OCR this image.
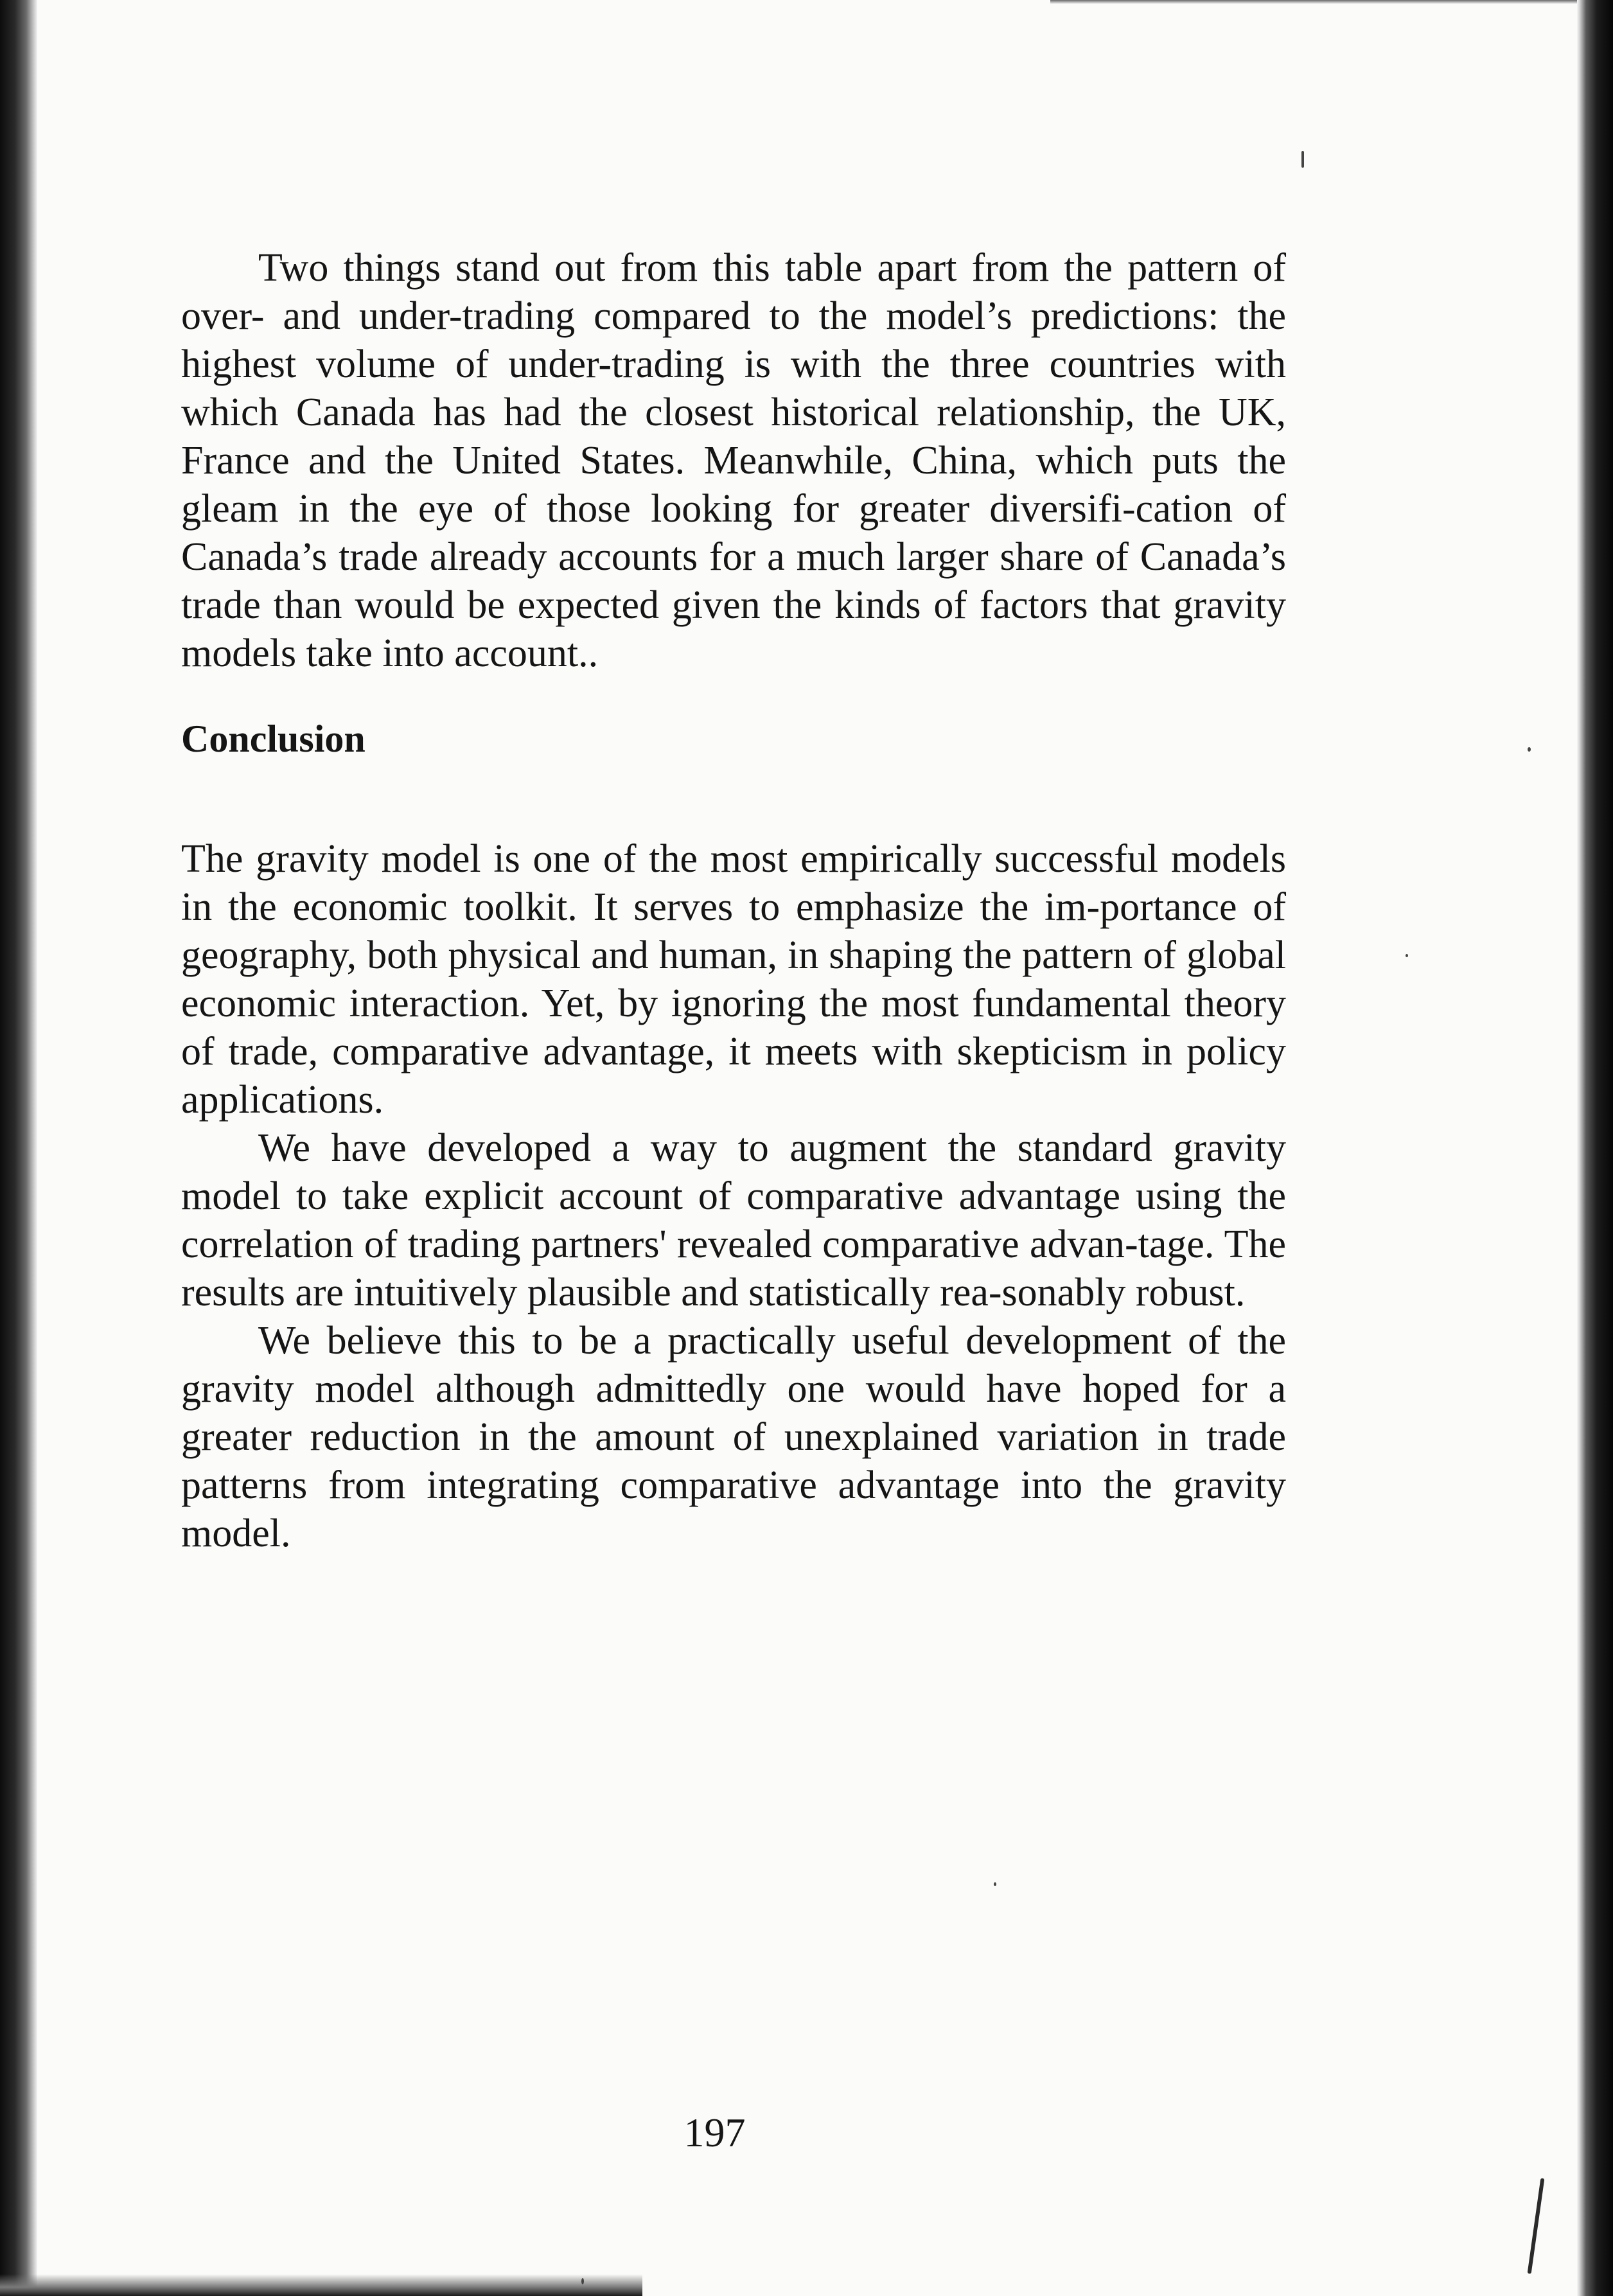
Two things stand out from this table apart from the pattern of over- and under-trading compared to the model’s predictions: the highest volume of under-trading is with the three countries with which Canada has had the closest historical relationship, the UK, France and the United States. Meanwhile, China, which puts the gleam in the eye of those looking for greater diversifi-cation of Canada’s trade already accounts for a much larger share of Canada’s trade than would be expected given the kinds of factors that gravity models take into account..

Conclusion

The gravity model is one of the most empirically successful models in the economic toolkit. It serves to emphasize the im-portance of geography, both physical and human, in shaping the pattern of global economic interaction. Yet, by ignoring the most fundamental theory of trade, comparative advantage, it meets with skepticism in policy applications.

We have developed a way to augment the standard gravity model to take explicit account of comparative advantage using the correlation of trading partners' revealed comparative advan-tage. The results are intuitively plausible and statistically rea-sonably robust.

We believe this to be a practically useful development of the gravity model although admittedly one would have hoped for a greater reduction in the amount of unexplained variation in trade patterns from integrating comparative advantage into the gravity model.

197
